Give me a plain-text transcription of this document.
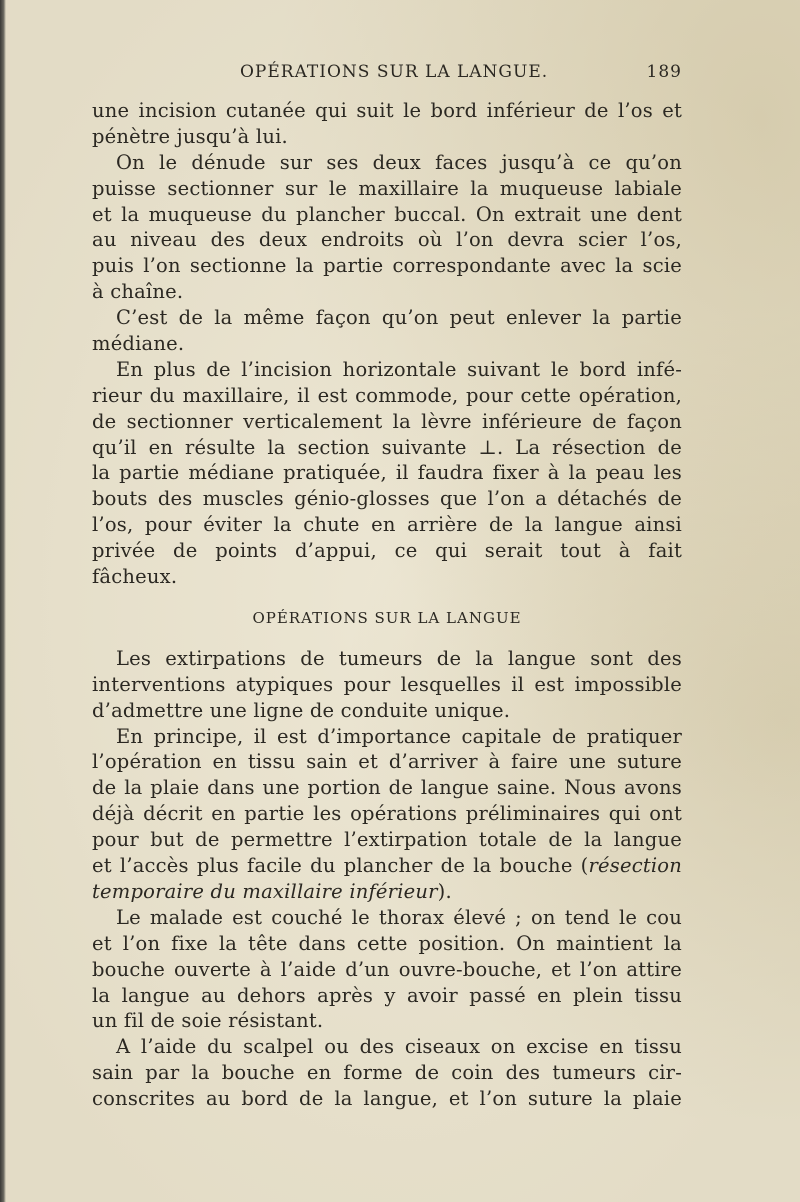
OPÉRATIONS SUR LA LANGUE.	189
une incision cutanée qui suit le bord inférieur de l’os et
pénètre jusqu’à lui.
On le dénude sur ses deux faces jusqu’à ce qu’on
puisse sectionner sur le maxillaire la muqueuse labiale
et la muqueuse du plancher buccal. On extrait une dent
au niveau des deux endroits où l’on devra scier l’os,
puis l’on sectionne la partie correspondante avec la scie
à chaîne.
C’est de la même façon qu’on peut enlever la partie
médiane.
En plus de l’incision horizontale suivant le bord infé-
rieur du maxillaire, il est commode, pour cette opération,
de sectionner verticalement la lèvre inférieure de façon
qu’il en résulte la section suivante ⊥. La résection de
la partie médiane pratiquée, il faudra fixer à la peau les
bouts des muscles génio-glosses que l’on a détachés de
l’os, pour éviter la chute en arrière de la langue ainsi
privée de points d’appui, ce qui serait tout à fait
fâcheux.
OPÉRATIONS SUR LA LANGUE
Les extirpations de tumeurs de la langue sont des
interventions atypiques pour lesquelles il est impossible
d’admettre une ligne de conduite unique.
En principe, il est d’importance capitale de pratiquer
l’opération en tissu sain et d’arriver à faire une suture
de la plaie dans une portion de langue saine. Nous avons
déjà décrit en partie les opérations préliminaires qui ont
pour but de permettre l’extirpation totale de la langue
et l’accès plus facile du plancher de la bouche (résection
temporaire du maxillaire inférieur).
Le malade est couché le thorax élevé ; on tend le cou
et l’on fixe la tête dans cette position. On maintient la
bouche ouverte à l’aide d’un ouvre-bouche, et l’on attire
la langue au dehors après y avoir passé en plein tissu
un fil de soie résistant.
A l’aide du scalpel ou des ciseaux on excise en tissu
sain par la bouche en forme de coin des tumeurs cir-
conscrites au bord de la langue, et l’on suture la plaie
